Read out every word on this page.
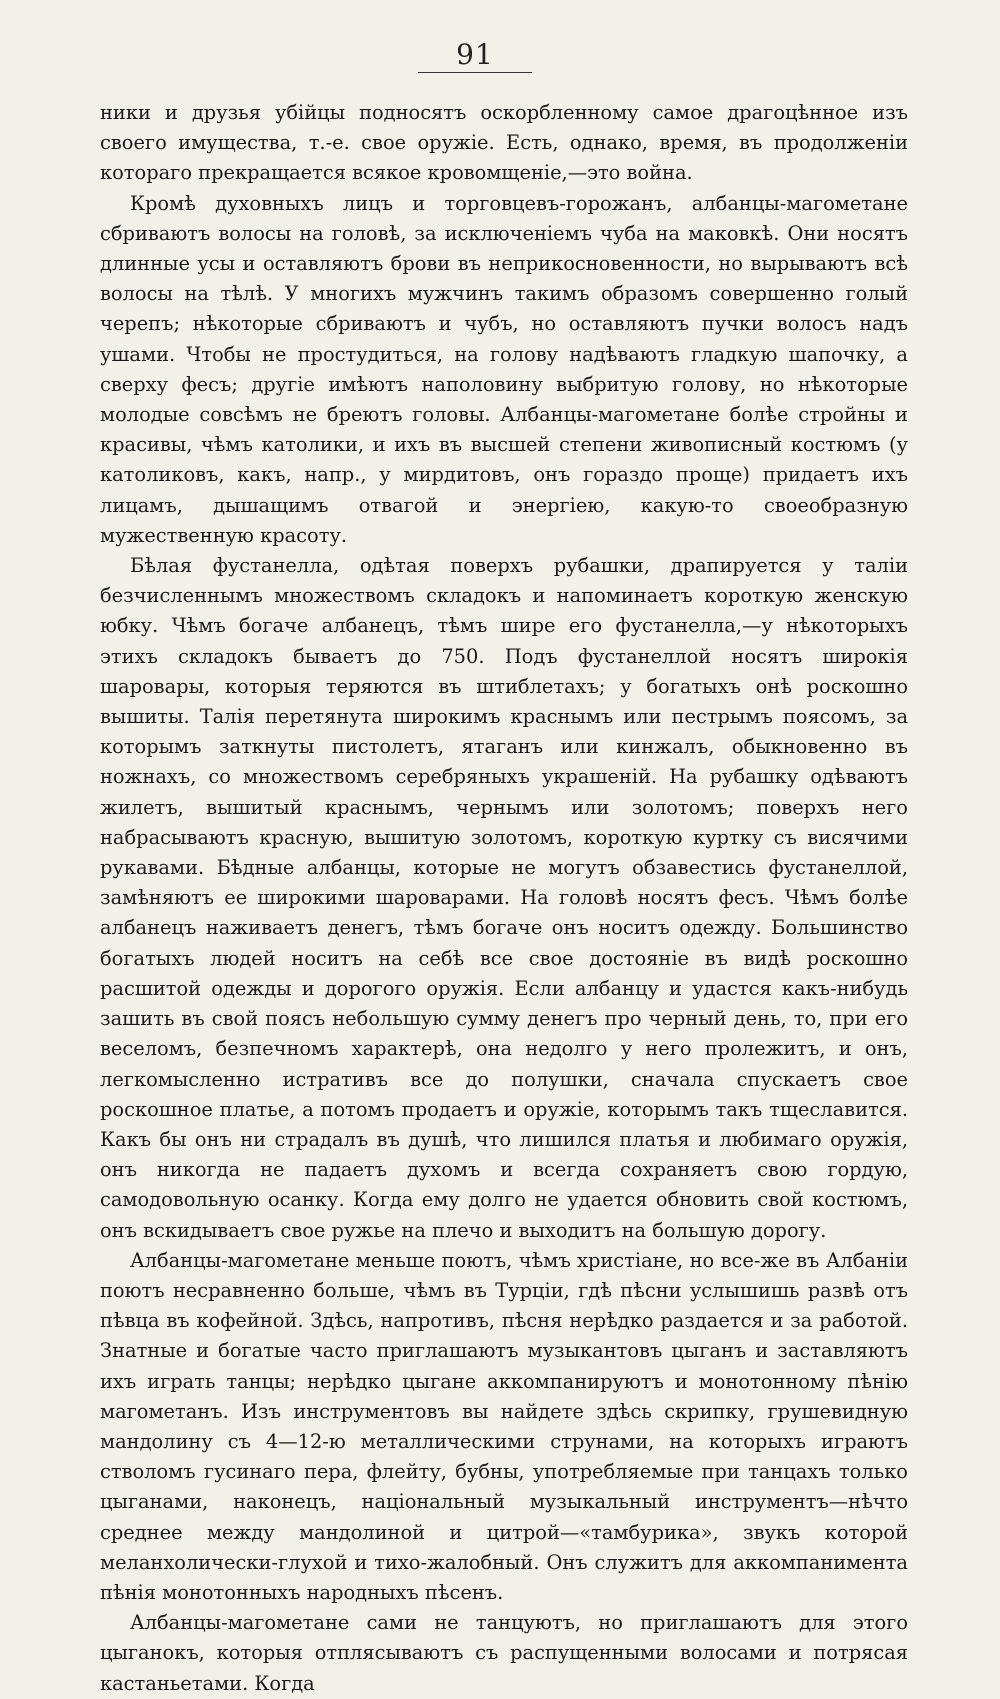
91

ники и друзья убійцы подносятъ оскорбленному самое драгоцѣнное изъ своего имущества, т.-е. свое оружіе. Есть, однако, время, въ продолженіи котораго прекращается всякое кровомщеніе,—это война.

Кромѣ духовныхъ лицъ и торговцевъ-горожанъ, албанцы-магометане сбриваютъ волосы на головѣ, за исключеніемъ чуба на маковкѣ. Они носятъ длинные усы и оставляютъ брови въ неприкосновенности, но вырываютъ всѣ волосы на тѣлѣ. У многихъ мужчинъ такимъ образомъ совершенно голый черепъ; нѣкоторые сбриваютъ и чубъ, но оставляютъ пучки волосъ надъ ушами. Чтобы не простудиться, на голову надѣваютъ гладкую шапочку, а сверху фесъ; другіе имѣютъ наполовину выбритую голову, но нѣкоторые молодые совсѣмъ не бреютъ головы. Албанцы-магометане болѣе стройны и красивы, чѣмъ католики, и ихъ въ высшей степени живописный костюмъ (у католиковъ, какъ, напр., у мирдитовъ, онъ гораздо проще) придаетъ ихъ лицамъ, дышащимъ отвагой и энергіею, какую-то своеобразную мужественную красоту.

Бѣлая фустанелла, одѣтая поверхъ рубашки, драпируется у таліи безчисленнымъ множествомъ складокъ и напоминаетъ короткую женскую юбку. Чѣмъ богаче албанецъ, тѣмъ шире его фустанелла,—у нѣкоторыхъ этихъ складокъ бываетъ до 750. Подъ фустанеллой носятъ широкія шаровары, которыя теряются въ штиблетахъ; у богатыхъ онѣ роскошно вышиты. Талія перетянута широкимъ краснымъ или пестрымъ поясомъ, за которымъ заткнуты пистолетъ, ятаганъ или кинжалъ, обыкновенно въ ножнахъ, со множествомъ серебряныхъ украшеній. На рубашку одѣваютъ жилетъ, вышитый краснымъ, чернымъ или золотомъ; поверхъ него набрасываютъ красную, вышитую золотомъ, короткую куртку съ висячими рукавами. Бѣдные албанцы, которые не могутъ обзавестись фустанеллой, замѣняютъ ее широкими шароварами. На головѣ носятъ фесъ. Чѣмъ болѣе албанецъ наживаетъ денегъ, тѣмъ богаче онъ носитъ одежду. Большинство богатыхъ людей носитъ на себѣ все свое достояніе въ видѣ роскошно расшитой одежды и дорогого оружія. Если албанцу и удастся какъ-нибудь зашить въ свой поясъ небольшую сумму денегъ про черный день, то, при его веселомъ, безпечномъ характерѣ, она недолго у него пролежитъ, и онъ, легкомысленно истративъ все до полушки, сначала спускаетъ свое роскошное платье, а потомъ продаетъ и оружіе, которымъ такъ тщеславится. Какъ бы онъ ни страдалъ въ душѣ, что лишился платья и любимаго оружія, онъ никогда не падаетъ духомъ и всегда сохраняетъ свою гордую, самодовольную осанку. Когда ему долго не удается обновить свой костюмъ, онъ вскидываетъ свое ружье на плечо и выходитъ на большую дорогу.

Албанцы-магометане меньше поютъ, чѣмъ христіане, но все-же въ Албаніи поютъ несравненно больше, чѣмъ въ Турціи, гдѣ пѣсни услышишь развѣ отъ пѣвца въ кофейной. Здѣсь, напротивъ, пѣсня нерѣдко раздается и за работой. Знатные и богатые часто приглашаютъ музыкантовъ цыганъ и заставляютъ ихъ играть танцы; нерѣдко цыгане аккомпанируютъ и монотонному пѣнію магометанъ. Изъ инструментовъ вы найдете здѣсь скрипку, грушевидную мандолину съ 4—12-ю металлическими струнами, на которыхъ играютъ стволомъ гусинаго пера, флейту, бубны, употребляемые при танцахъ только цыганами, наконецъ, національный музыкальный инструментъ—нѣчто среднее между мандолиной и цитрой—«тамбурика», звукъ которой меланхолически-глухой и тихо-жалобный. Онъ служитъ для аккомпанимента пѣнія монотонныхъ народныхъ пѣсенъ.

Албанцы-магометане сами не танцуютъ, но приглашаютъ для этого цыганокъ, которыя отплясываютъ съ распущенными волосами и потрясая кастаньетами. Когда
